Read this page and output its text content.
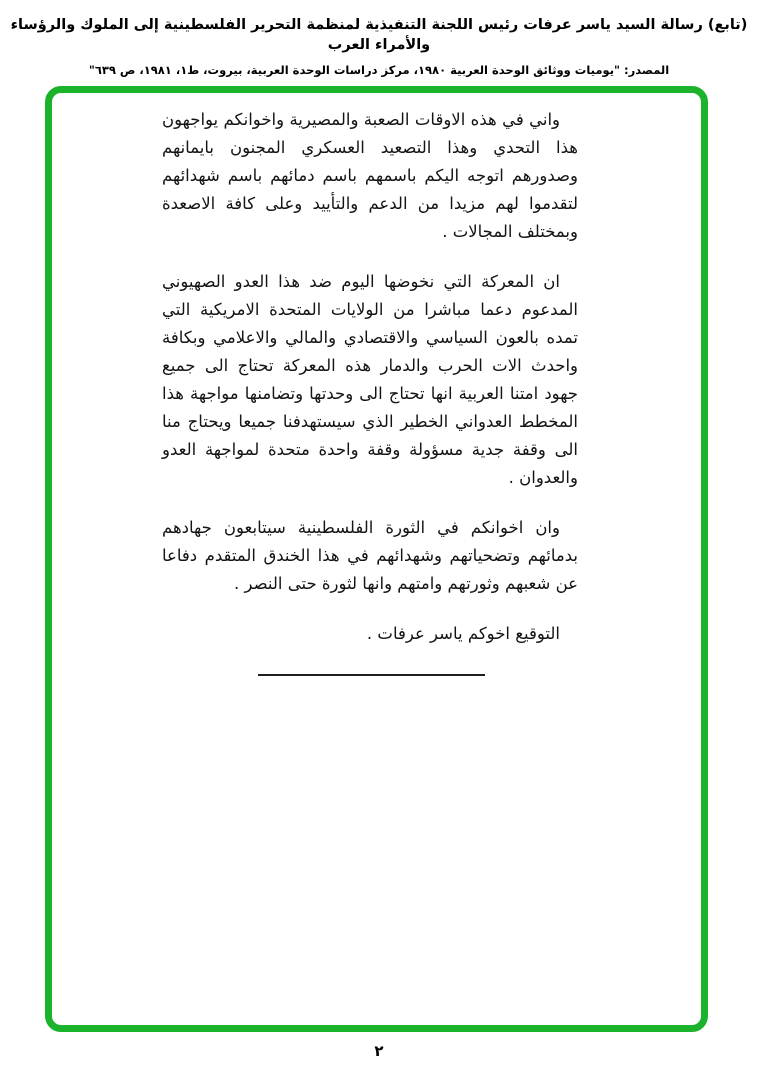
(تابع) رسالة السيد ياسر عرفات رئيس اللجنة التنفيذية لمنظمة التحرير الفلسطينية إلى الملوك والرؤساء والأمراء العرب
المصدر: "يوميات ووثائق الوحدة العربية ١٩٨٠، مركز دراسات الوحدة العربية، بيروت، ط١، ١٩٨١، ص ٦٣٩"

واني في هذه الاوقات الصعبة والمصيرية واخوانكم يواجهون هذا التحدي وهذا التصعيد العسكري المجنون بايمانهم وصدورهم اتوجه اليكم باسمهم باسم دمائهم باسم شهدائهم لتقدموا لهم مزيدا من الدعم والتأييد وعلى كافة الاصعدة وبمختلف المجالات .

ان المعركة التي نخوضها اليوم ضد هذا العدو الصهيوني المدعوم دعما مباشرا من الولايات المتحدة الامريكية التي تمده بالعون السياسي والاقتصادي والمالي والاعلامي وبكافة واحدث الات الحرب والدمار هذه المعركة تحتاج الى جميع جهود امتنا العربية انها تحتاج الى وحدتها وتضامنها مواجهة هذا المخطط العدواني الخطير الذي سيستهدفنا جميعا ويحتاج منا الى وقفة جدية مسؤولة وقفة واحدة متحدة لمواجهة العدو والعدوان .

وان اخوانكم في الثورة الفلسطينية سيتابعون جهادهم بدمائهم وتضحياتهم وشهدائهم في هذا الخندق المتقدم دفاعا عن شعبهم وثورتهم وامتهم وانها لثورة حتى النصر .

التوقيع اخوكم ياسر عرفات .

٢
